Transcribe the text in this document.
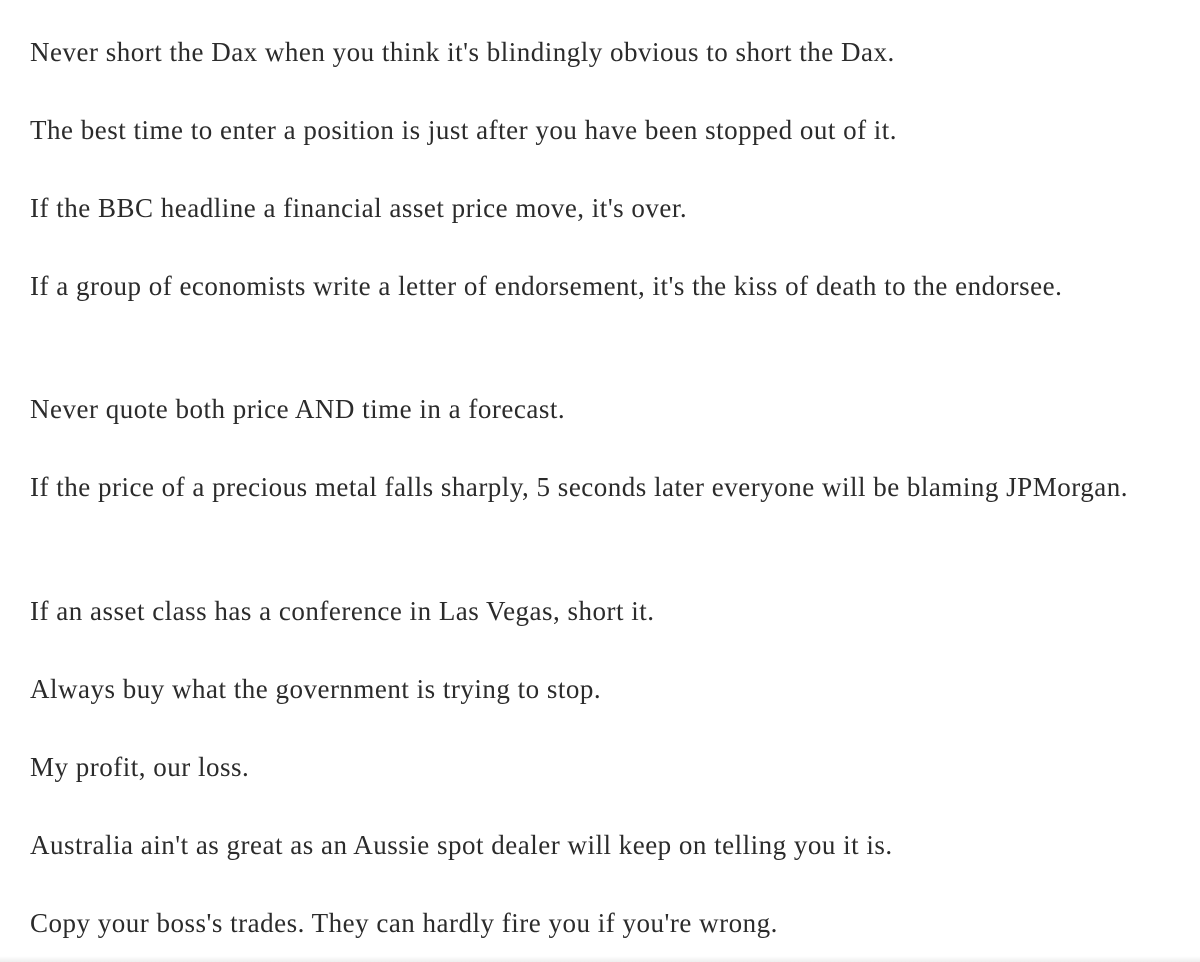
Never short the Dax when you think it's blindingly obvious to short the Dax.

The best time to enter a position is just after you have been stopped out of it.

If the BBC headline a financial asset price move, it's over.

If a group of economists write a letter of endorsement, it's the kiss of death to the endorsee.

Never quote both price AND time in a forecast.

If the price of a precious metal falls sharply, 5 seconds later everyone will be blaming JPMorgan.

If an asset class has a conference in Las Vegas, short it.

Always buy what the government is trying to stop.

My profit, our loss.

Australia ain't as great as an Aussie spot dealer will keep on telling you it is.

Copy your boss's trades. They can hardly fire you if you're wrong.
